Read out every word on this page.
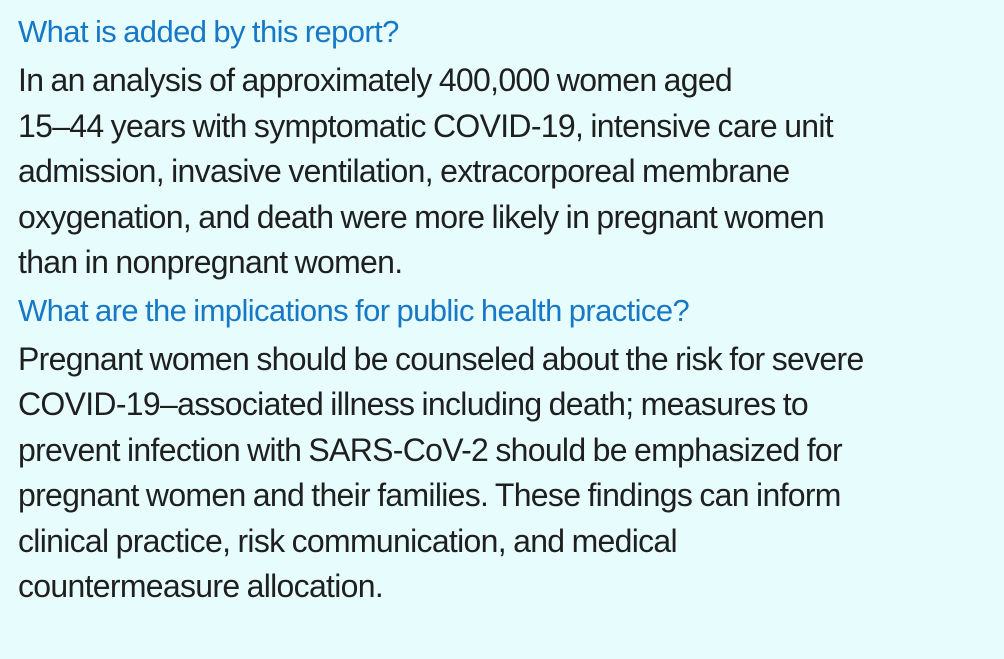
What is added by this report?

In an analysis of approximately 400,000 women aged

15–44 years with symptomatic COVID-19, intensive care unit

admission, invasive ventilation, extracorporeal membrane

oxygenation, and death were more likely in pregnant women

than in nonpregnant women.

What are the implications for public health practice?

Pregnant women should be counseled about the risk for severe

COVID-19–associated illness including death; measures to

prevent infection with SARS-CoV-2 should be emphasized for

pregnant women and their families. These findings can inform

clinical practice, risk communication, and medical

countermeasure allocation.
